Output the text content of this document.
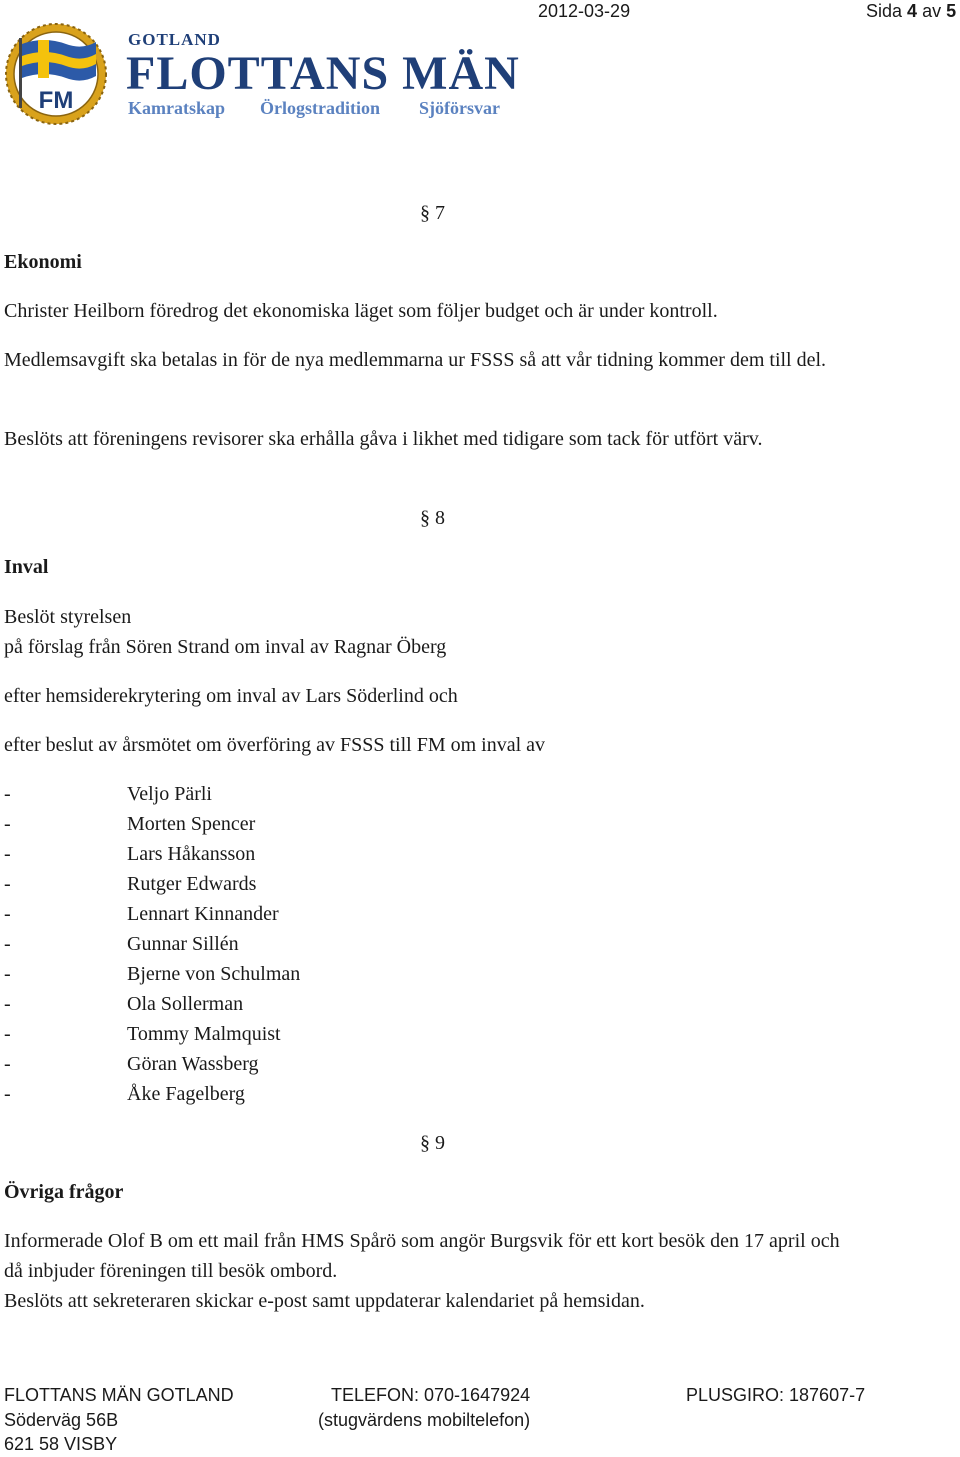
2012-03-29	Sida 4 av 5
FM
GOTLAND
FLOTTANS MÄN
Kamratskap Örlogstradition Sjöförsvar
§ 7
Ekonomi
Christer Heilborn föredrog det ekonomiska läget som följer budget och är under kontroll.
Medlemsavgift ska betalas in för de nya medlemmarna ur FSSS så att vår tidning kommer dem till del.
Beslöts att föreningens revisorer ska erhålla gåva i likhet med tidigare som tack för utfört värv.
§ 8
Inval
Beslöt styrelsen
på förslag från Sören Strand om inval av Ragnar Öberg
efter hemsiderekrytering om inval av Lars Söderlind och
efter beslut av årsmötet om överföring av FSSS till FM om inval av
-	Veljo Pärli
-	Morten Spencer
-	Lars Håkansson
-	Rutger Edwards
-	Lennart Kinnander
-	Gunnar Sillén
-	Bjerne von Schulman
-	Ola Sollerman
-	Tommy Malmquist
-	Göran Wassberg
-	Åke Fagelberg
§ 9
Övriga frågor
Informerade Olof B om ett mail från HMS Spårö som angör Burgsvik för ett kort besök den 17 april och då inbjuder föreningen till besök ombord.
Beslöts att sekreteraren skickar e-post samt uppdaterar kalendariet på hemsidan.
FLOTTANS MÄN GOTLAND
Söderväg 56B
621 58 VISBY
TELEFON: 070-1647924
(stugvärdens mobiltelefon)
PLUSGIRO: 187607-7
